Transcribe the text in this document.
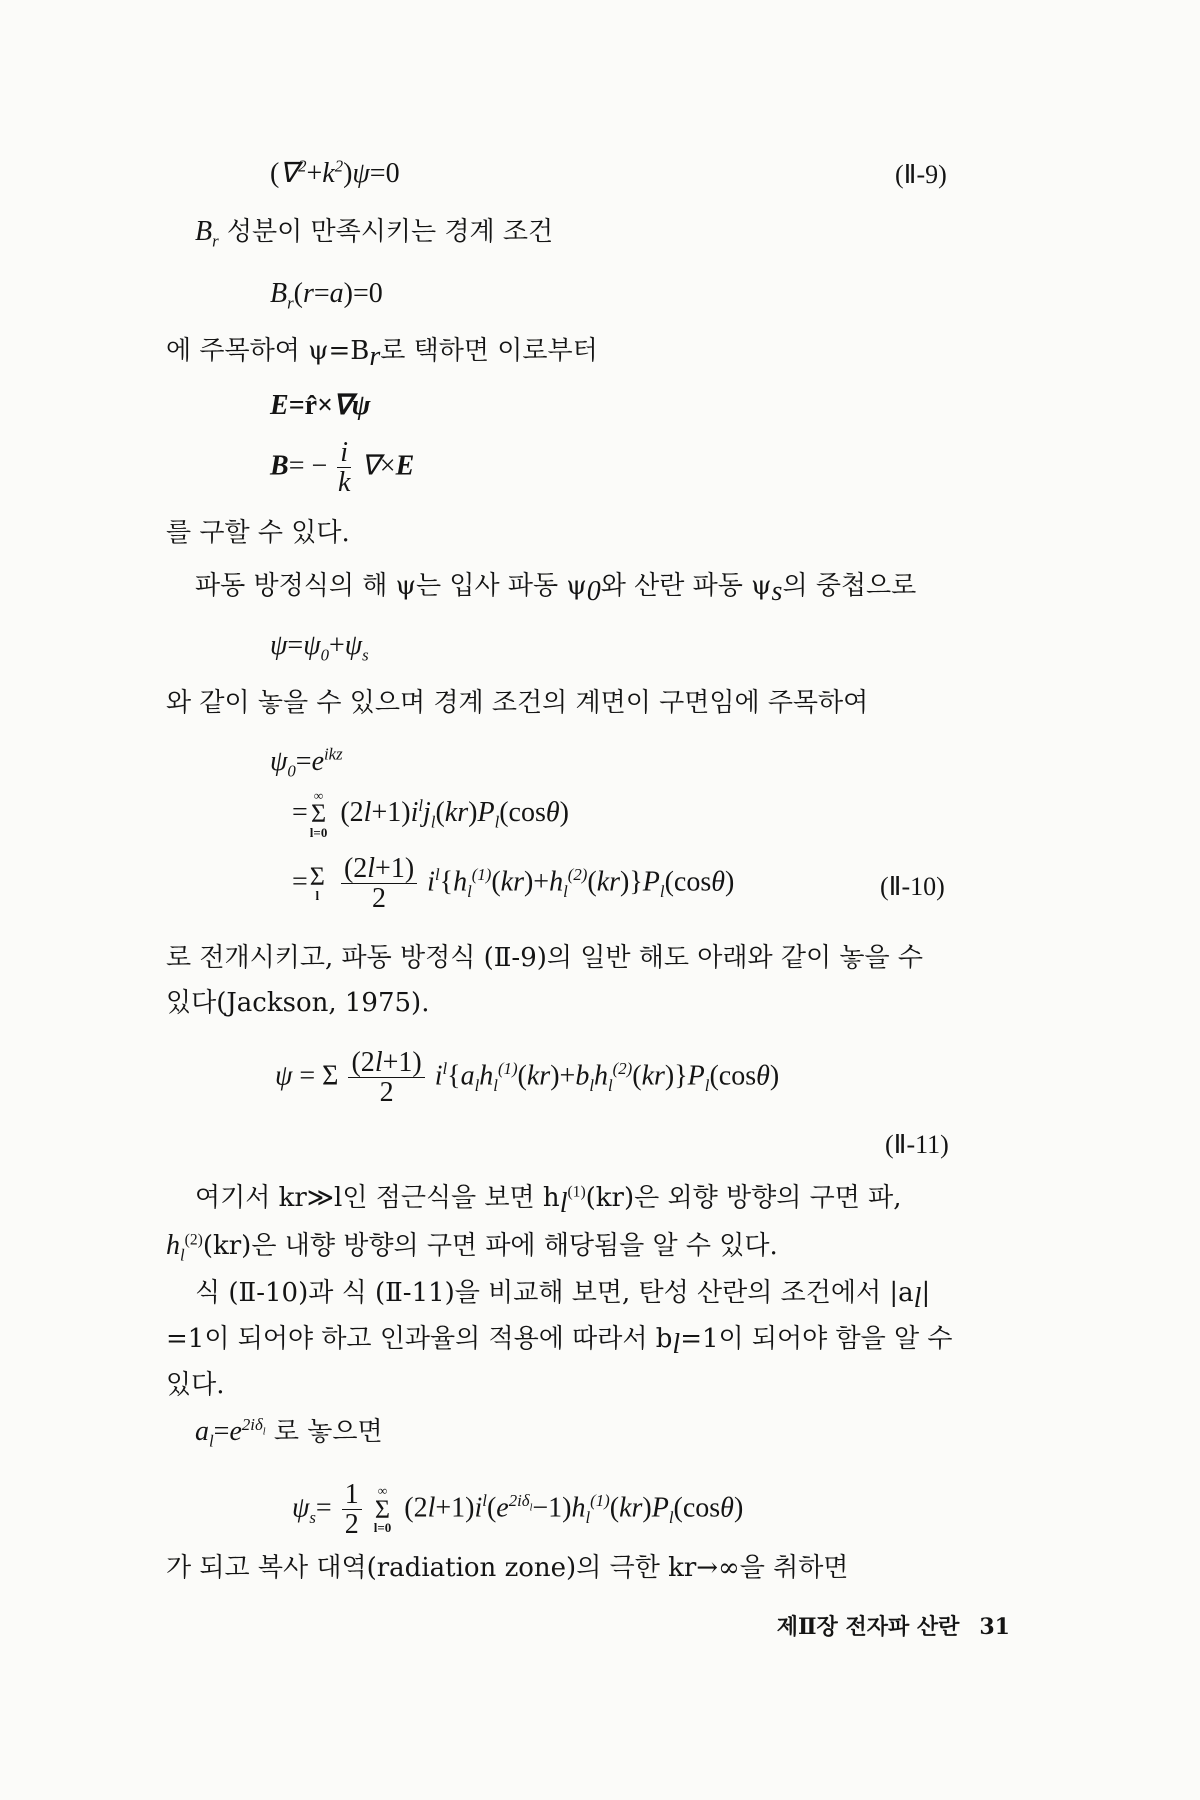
$(\nabla^2+k^2)\psi=0$	(Ⅱ-9)
$B_r$ 성분이 만족시키는 경계 조건
$B_r(r=a)=0$
에 주목하여 $\psi=B_r$로 택하면 이로부터
E=r̂×∇ψ
$B= - \frac{i}{k} \nabla\times E$
를 구할 수 있다.
파동 방정식의 해 ψ는 입사 파동 $\psi_0$와 산란 파동 $\psi_s$의 중첩으로
$\psi=\psi_0+\psi_s$
와 같이 놓을 수 있으며 경계 조건의 계면이 구면임에 주목하여
$\psi_0=e^{ikz}$
=
∞
Σ
l=0
$(2l+1)i^lj_l(kr)P_l(\cos\theta)$
= Σ
l
$\frac{(2l+1)}{2} i^l\{h_l^{(1)}(kr)+h_l^{(2)}(kr)\}P_l(\cos\theta)$	(Ⅱ-10)
로 전개시키고, 파동 방정식 (Ⅱ-9)의 일반 해도 아래와 같이 놓을 수
있다(Jackson, 1975).
ψ = Σ $\frac{(2l+1)}{2} i^l\{a_lh_l^{(1)}(kr)+b_lh_l^{(2)}(kr)\}P_l(\cos\theta)$
(Ⅱ-11)
여기서 kr≫l인 점근식을 보면 $h_l^{(1)}(kr)$은 외향 방향의 구면 파,
$h_l^{(2)}(kr)$은 내향 방향의 구면 파에 해당됨을 알 수 있다.
식 (Ⅱ-10)과 식 (Ⅱ-11)을 비교해 보면, 탄성 산란의 조건에서 $|a_l|$
=1이 되어야 하고 인과율의 적용에 따라서 $b_l=1$이 되어야 함을 알 수
있다.
$a_l=e^{2i\delta_l}$ 로 놓으면
$\psi_s= \frac{1}{2}$
	∞
Σ
l=0
$(2l+1)i^l(e^{2i\delta_l}-1)h_l^{(1)}(kr)P_l(\cos\theta)$
가 되고 복사 대역(radiation zone)의 극한 kr→∞을 취하면
제Ⅱ장 전자파 산란 31
